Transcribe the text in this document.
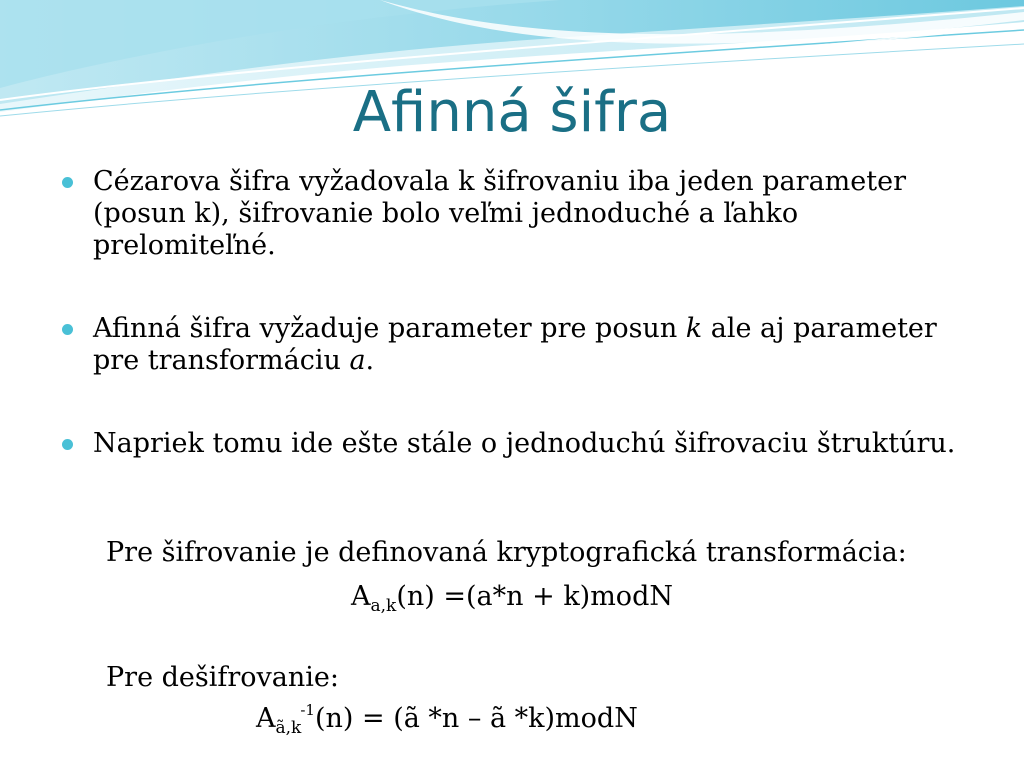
Afinná šifra
Cézarova šifra vyžadovala k šifrovaniu iba jeden parameter (posun k), šifrovanie bolo veľmi jednoduché a ľahko prelomiteľné.
Afinná šifra vyžaduje parameter pre posun k ale aj parameter pre transformáciu a.
Napriek tomu ide ešte stále o jednoduchú šifrovaciu štruktúru.
Pre šifrovanie je definovaná kryptografická transformácia:
$A_{a,k}(n) =(a*n$ + k)modN
Pre dešifrovanie:
$A_{ã,k}^{-1}(n)$ = (ã *n – ã *k)modN
